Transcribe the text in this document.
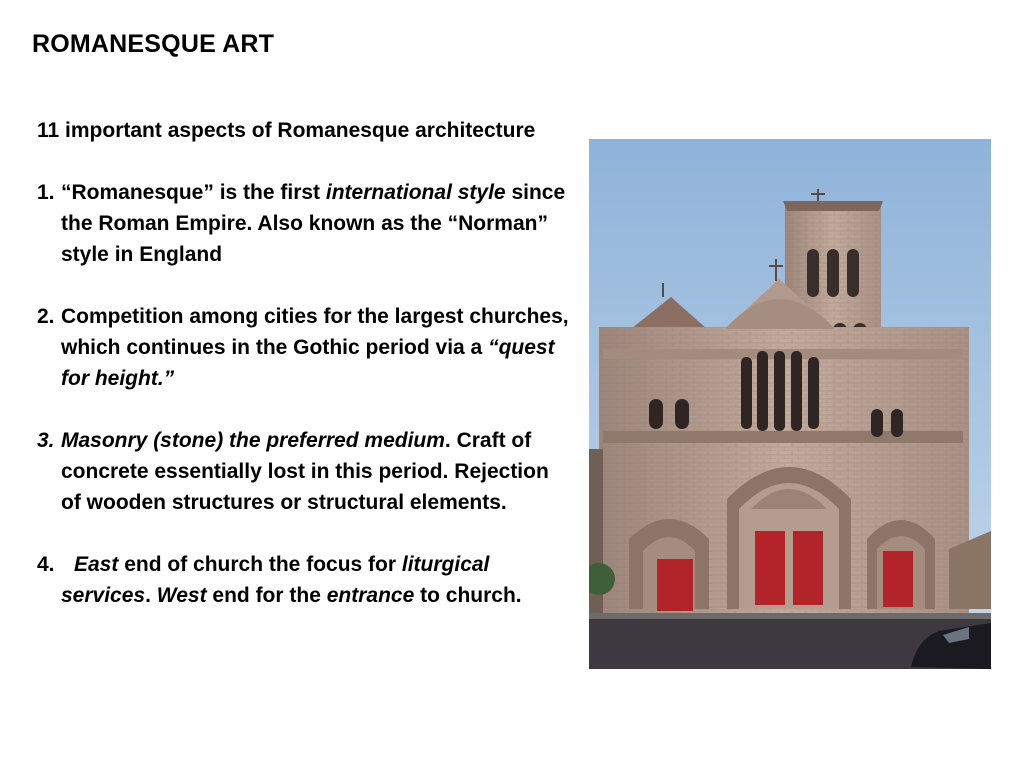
ROMANESQUE ART
11 important aspects of Romanesque architecture
1. “Romanesque” is the first international style since the Roman Empire. Also known as the “Norman” style in England
2. Competition among cities for the largest churches, which continues in the Gothic period via a “quest for height.”
3. Masonry (stone) the preferred medium. Craft of concrete essentially lost in this period. Rejection of wooden structures or structural elements.
4. East end of church the focus for liturgical services. West end for the entrance to church.
